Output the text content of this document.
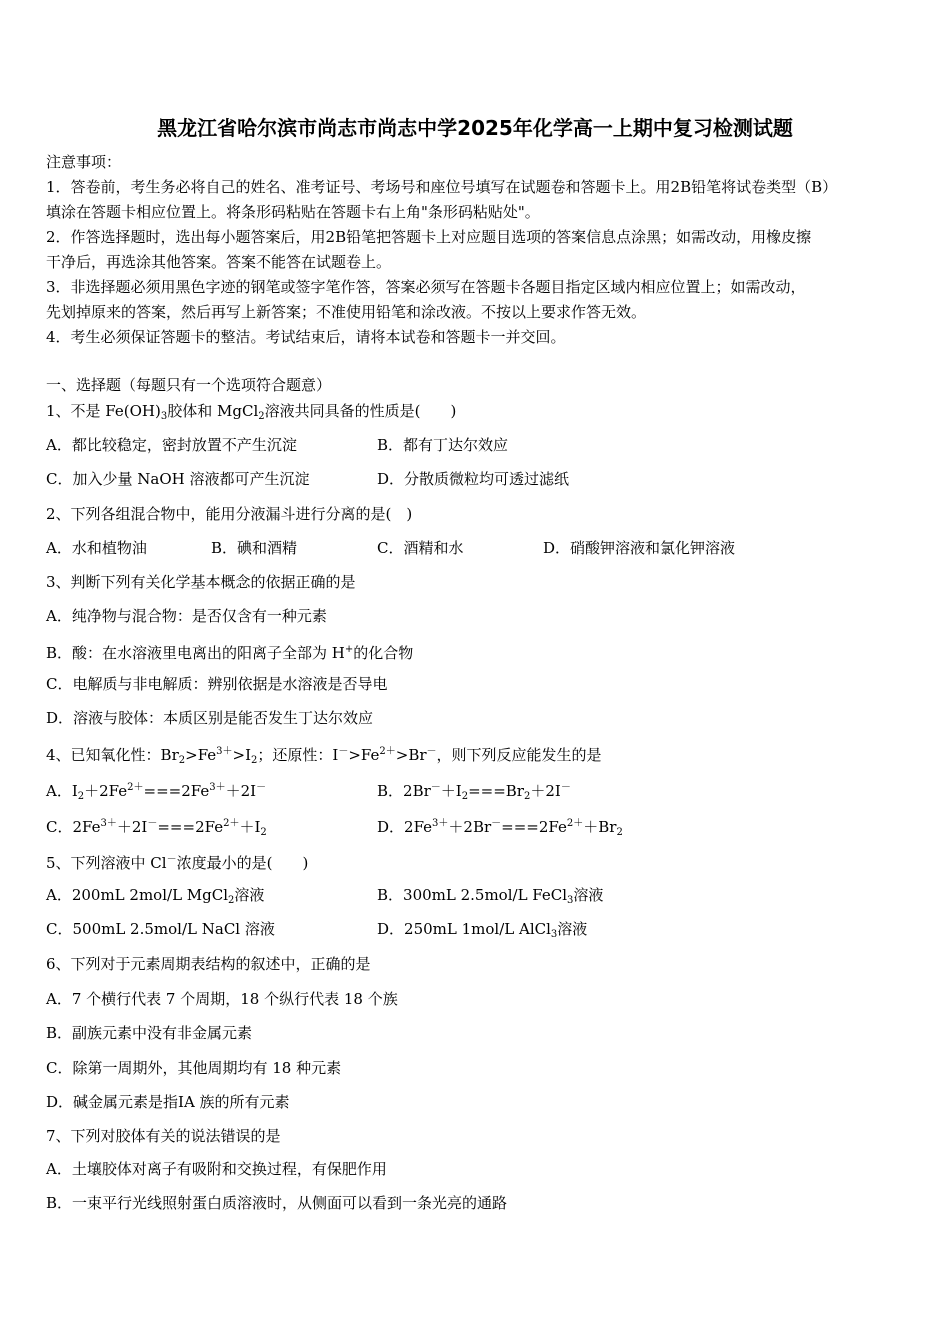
黑龙江省哈尔滨市尚志市尚志中学2025年化学高一上期中复习检测试题
注意事项：
1．答卷前，考生务必将自己的姓名、准考证号、考场号和座位号填写在试题卷和答题卡上。用2B铅笔将试卷类型（B）
填涂在答题卡相应位置上。将条形码粘贴在答题卡右上角"条形码粘贴处"。
2．作答选择题时，选出每小题答案后，用2B铅笔把答题卡上对应题目选项的答案信息点涂黑；如需改动，用橡皮擦
干净后，再选涂其他答案。答案不能答在试题卷上。
3．非选择题必须用黑色字迹的钢笔或签字笔作答，答案必须写在答题卡各题目指定区域内相应位置上；如需改动，
先划掉原来的答案，然后再写上新答案；不准使用铅笔和涂改液。不按以上要求作答无效。
4．考生必须保证答题卡的整洁。考试结束后，请将本试卷和答题卡一并交回。
一、选择题（每题只有一个选项符合题意）
1、不是 $Fe(OH)_3$胶体和 MgCl$_2$溶液共同具备的性质是(　　)
A．都比较稳定，密封放置不产生沉淀	B．都有丁达尔效应
C．加入少量 NaOH 溶液都可产生沉淀	D．分散质微粒均可透过滤纸
2、下列各组混合物中，能用分液漏斗进行分离的是(　)
A．水和植物油	B．碘和酒精	C．酒精和水	D．硝酸钾溶液和氯化钾溶液
3、判断下列有关化学基本概念的依据正确的是
A．纯净物与混合物：是否仅含有一种元素
B．酸：在水溶液里电离出的阳离子全部为 H+的化合物
C．电解质与非电解质：辨别依据是水溶液是否导电
D．溶液与胶体：本质区别是能否发生丁达尔效应
4、已知氧化性：$Br_2>Fe^{3+}>I_2$；还原性：$I^->Fe^{2+}>Br^-$，则下列反应能发生的是
A．$I_2+2Fe^{2+}===2Fe^{3+}+2I^-$	B．$2Br^-+I_2===Br_2+2I^-$
C．$2Fe^{3+}+2I^-===2Fe^{2+}+I_2$	D．$2Fe^{3+}+2Br^-===2Fe^{2+}+Br_2$
5、下列溶液中 Cl－浓度最小的是(　　)
A．200mL 2mol/L MgCl$_2$溶液	B．300mL 2.5mol/L FeCl$_3$溶液
C．500mL 2.5mol/L NaCl 溶液	D．250mL 1mol/L AlCl$_3$溶液
6、下列对于元素周期表结构的叙述中，正确的是
A．7 个横行代表 7 个周期，18 个纵行代表 18 个族
B．副族元素中没有非金属元素
C．除第一周期外，其他周期均有 18 种元素
D．碱金属元素是指ⅠA 族的所有元素
7、下列对胶体有关的说法错误的是
A．土壤胶体对离子有吸附和交换过程，有保肥作用
B．一束平行光线照射蛋白质溶液时，从侧面可以看到一条光亮的通路
